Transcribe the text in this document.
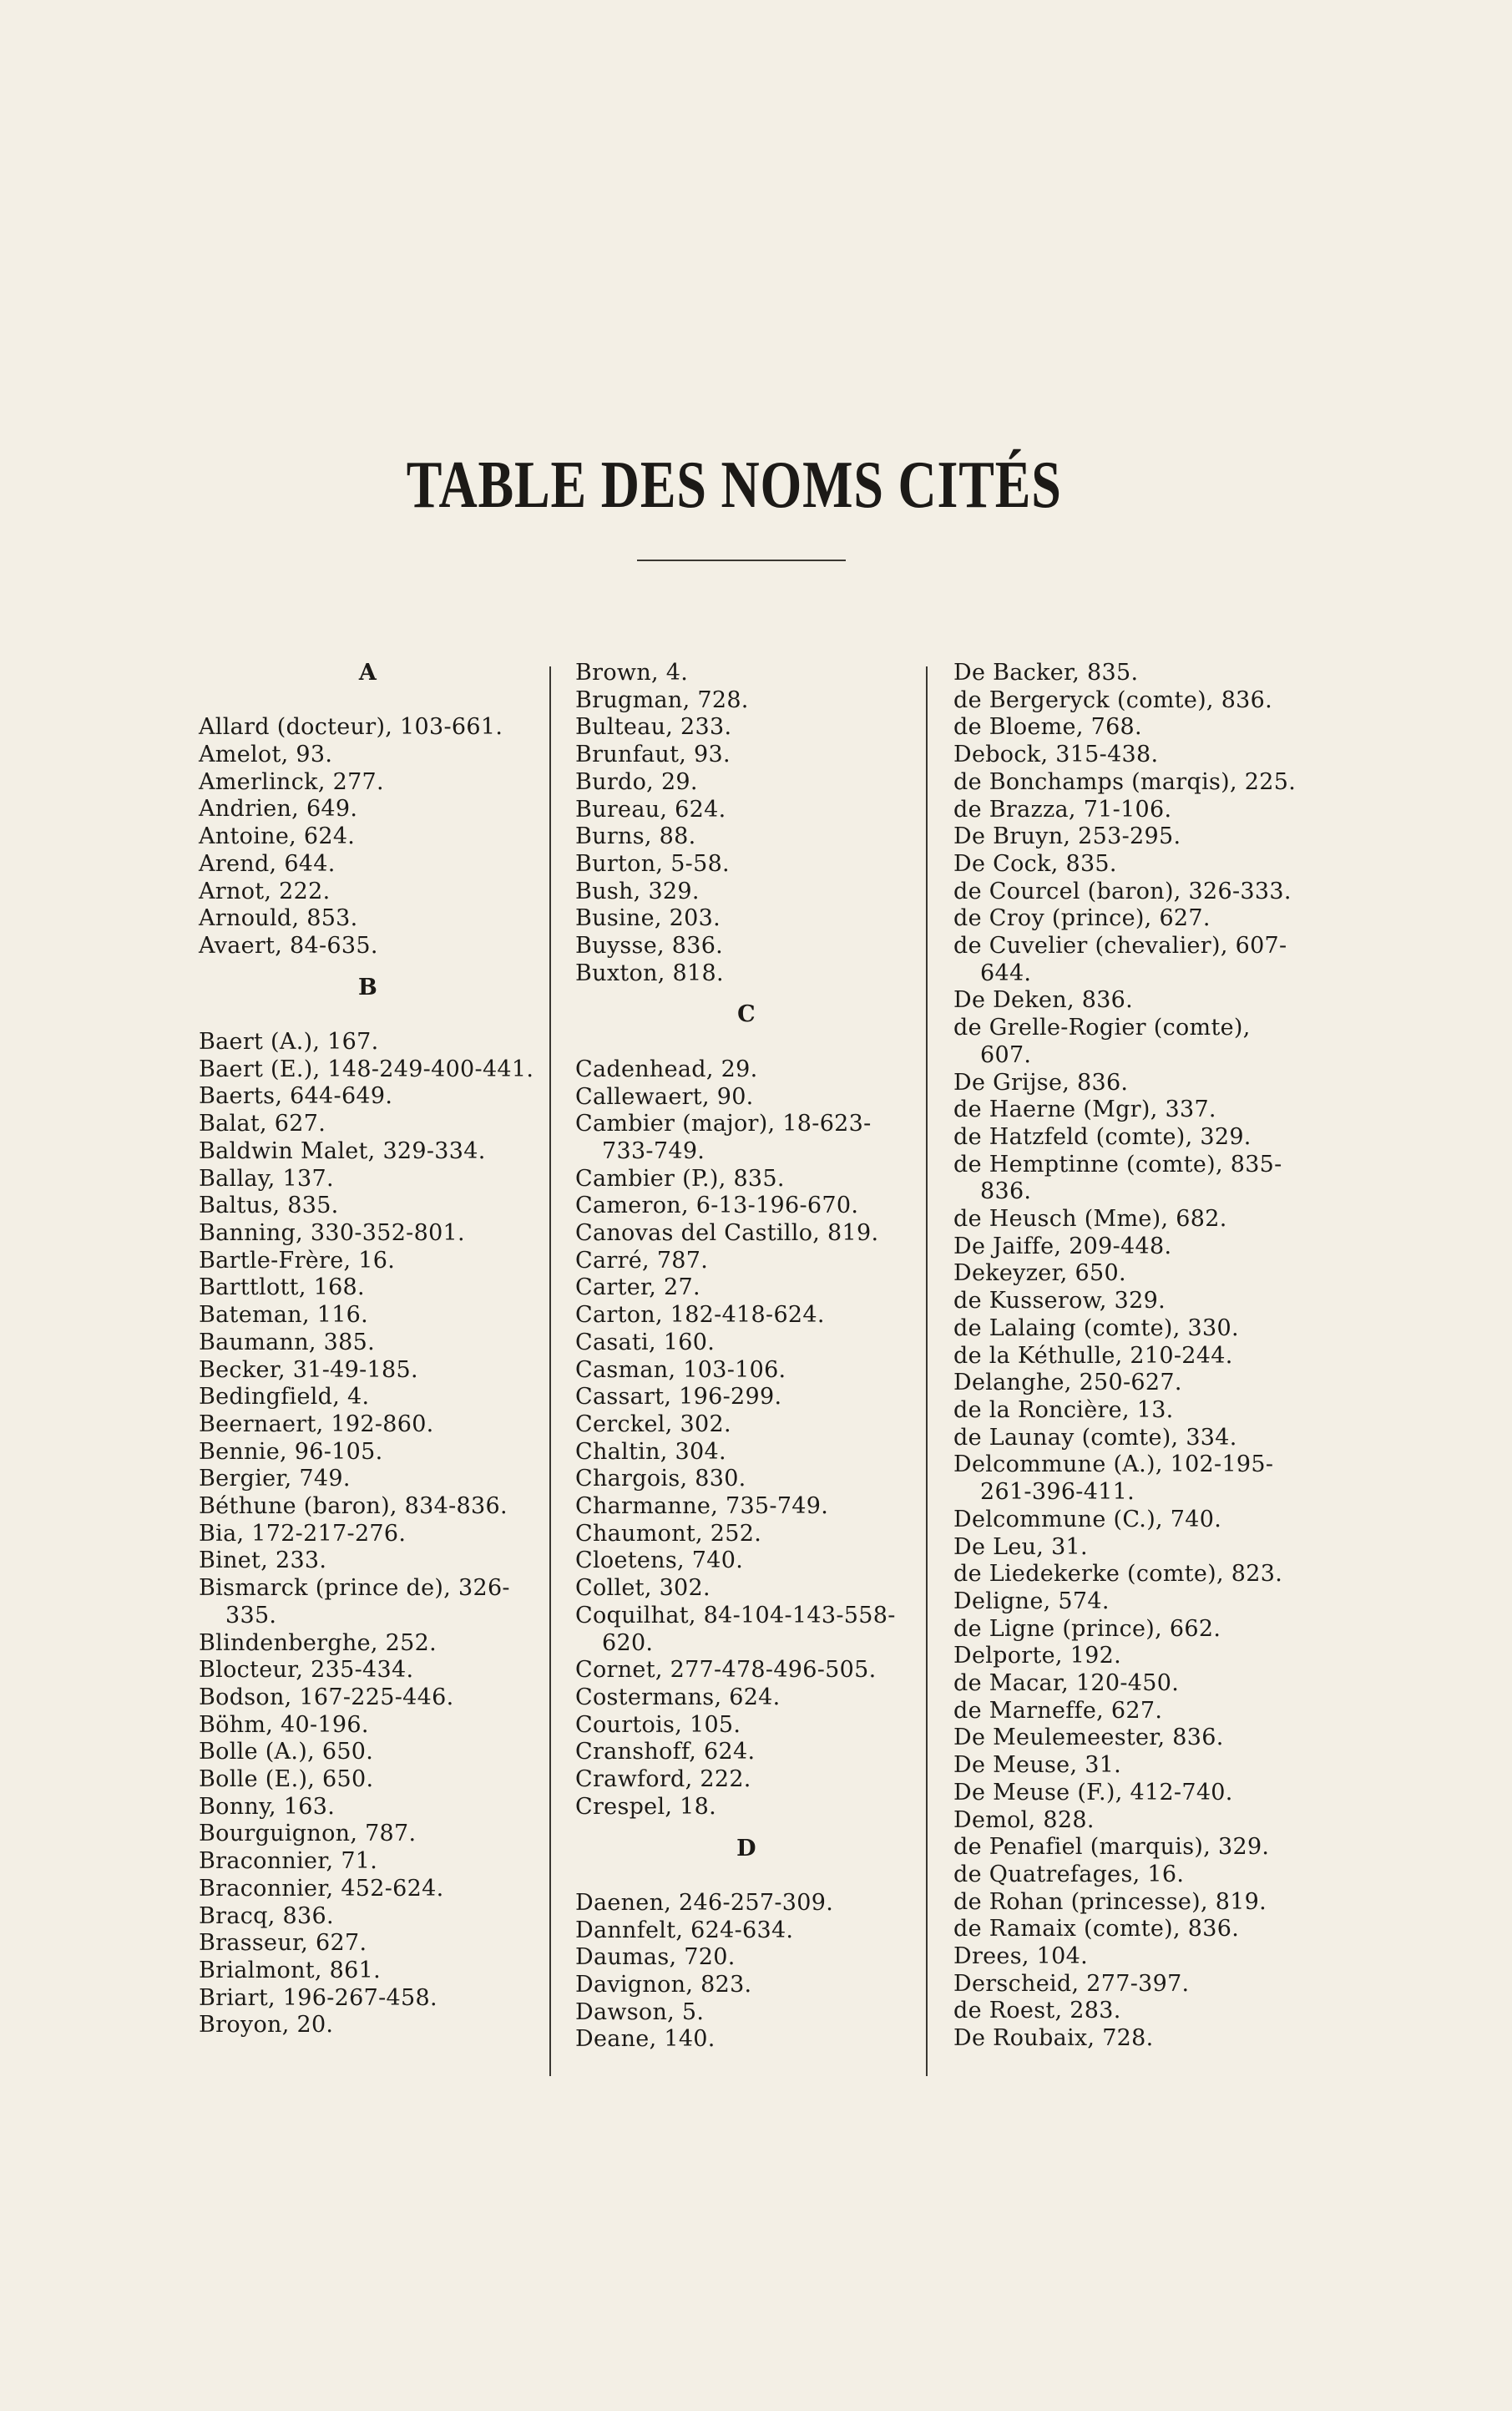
TABLE DES NOMS CITÉS
A
Allard (docteur), 103-661.
Amelot, 93.
Amerlinck, 277.
Andrien, 649.
Antoine, 624.
Arend, 644.
Arnot, 222.
Arnould, 853.
Avaert, 84-635.
B
Baert (A.), 167.
Baert (E.), 148-249-400-441.
Baerts, 644-649.
Balat, 627.
Baldwin Malet, 329-334.
Ballay, 137.
Baltus, 835.
Banning, 330-352-801.
Bartle-Frère, 16.
Barttlott, 168.
Bateman, 116.
Baumann, 385.
Becker, 31-49-185.
Bedingfield, 4.
Beernaert, 192-860.
Bennie, 96-105.
Bergier, 749.
Béthune (baron), 834-836.
Bia, 172-217-276.
Binet, 233.
Bismarck (prince de), 326-335.
Blindenberghe, 252.
Blocteur, 235-434.
Bodson, 167-225-446.
Böhm, 40-196.
Bolle (A.), 650.
Bolle (E.), 650.
Bonny, 163.
Bourguignon, 787.
Braconnier, 71.
Braconnier, 452-624.
Bracq, 836.
Brasseur, 627.
Brialmont, 861.
Briart, 196-267-458.
Broyon, 20.
Brown, 4.
Brugman, 728.
Bulteau, 233.
Brunfaut, 93.
Burdo, 29.
Bureau, 624.
Burns, 88.
Burton, 5-58.
Bush, 329.
Busine, 203.
Buysse, 836.
Buxton, 818.
C
Cadenhead, 29.
Callewaert, 90.
Cambier (major), 18-623-733-749.
Cambier (P.), 835.
Cameron, 6-13-196-670.
Canovas del Castillo, 819.
Carré, 787.
Carter, 27.
Carton, 182-418-624.
Casati, 160.
Casman, 103-106.
Cassart, 196-299.
Cerckel, 302.
Chaltin, 304.
Chargois, 830.
Charmanne, 735-749.
Chaumont, 252.
Cloetens, 740.
Collet, 302.
Coquilhat, 84-104-143-558-620.
Cornet, 277-478-496-505.
Costermans, 624.
Courtois, 105.
Cranshoff, 624.
Crawford, 222.
Crespel, 18.
D
Daenen, 246-257-309.
Dannfelt, 624-634.
Daumas, 720.
Davignon, 823.
Dawson, 5.
Deane, 140.
De Backer, 835.
de Bergeryck (comte), 836.
de Bloeme, 768.
Debock, 315-438.
de Bonchamps (marqis), 225.
de Brazza, 71-106.
De Bruyn, 253-295.
De Cock, 835.
de Courcel (baron), 326-333.
de Croy (prince), 627.
de Cuvelier (chevalier), 607-644.
De Deken, 836.
de Grelle-Rogier (comte), 607.
De Grijse, 836.
de Haerne (Mgr), 337.
de Hatzfeld (comte), 329.
de Hemptinne (comte), 835-836.
de Heusch (Mme), 682.
De Jaiffe, 209-448.
Dekeyzer, 650.
de Kusserow, 329.
de Lalaing (comte), 330.
de la Kéthulle, 210-244.
Delanghe, 250-627.
de la Roncière, 13.
de Launay (comte), 334.
Delcommune (A.), 102-195-261-396-411.
Delcommune (C.), 740.
De Leu, 31.
de Liedekerke (comte), 823.
Deligne, 574.
de Ligne (prince), 662.
Delporte, 192.
de Macar, 120-450.
de Marneffe, 627.
De Meulemeester, 836.
De Meuse, 31.
De Meuse (F.), 412-740.
Demol, 828.
de Penafiel (marquis), 329.
de Quatrefages, 16.
de Rohan (princesse), 819.
de Ramaix (comte), 836.
Drees, 104.
Derscheid, 277-397.
de Roest, 283.
De Roubaix, 728.
